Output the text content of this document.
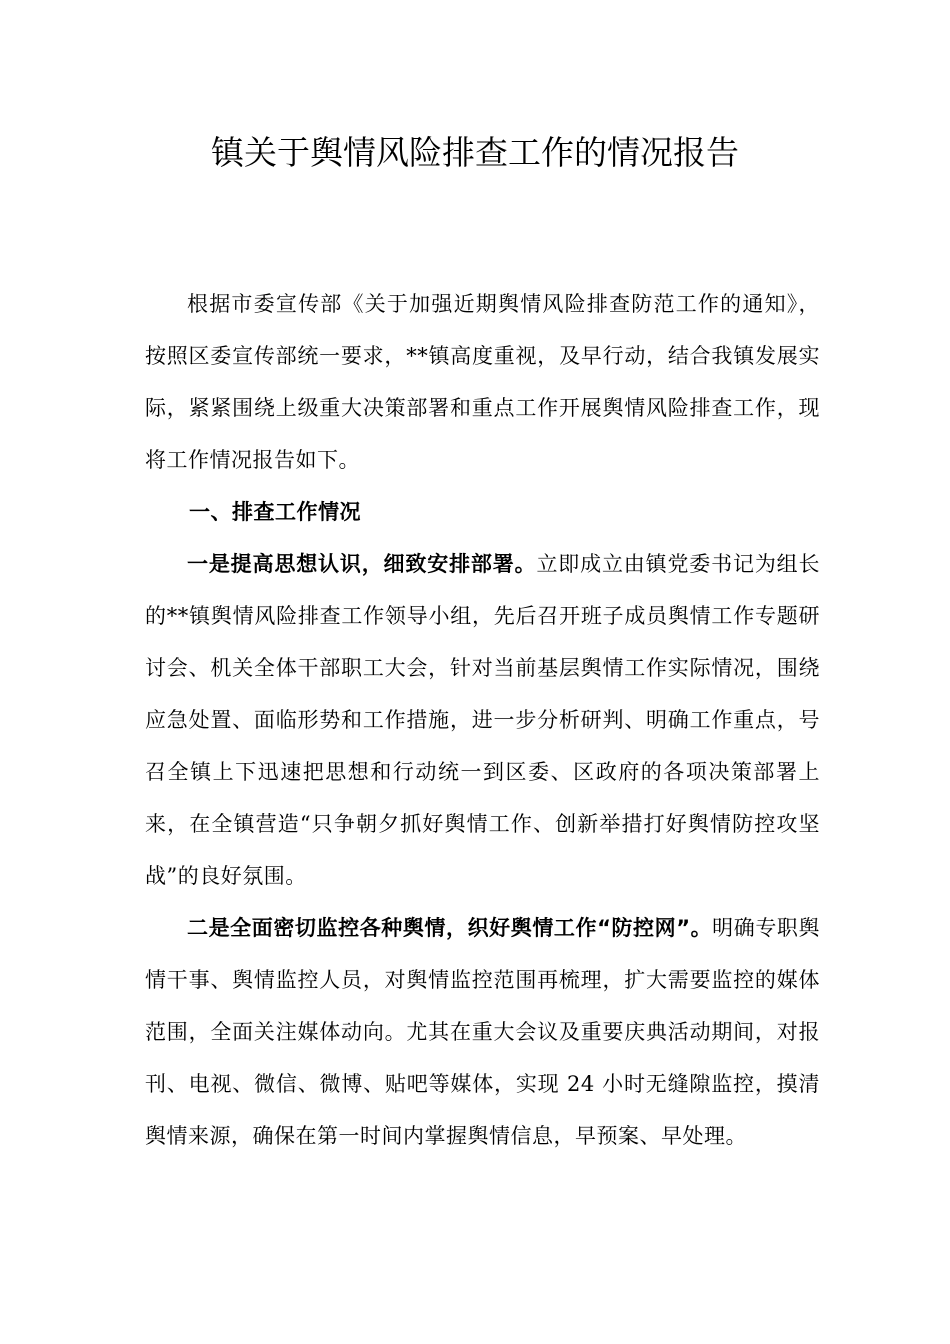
镇关于舆情风险排查工作的情况报告

根据市委宣传部《关于加强近期舆情风险排查防范工作的通知》，按照区委宣传部统一要求，**镇高度重视，及早行动，结合我镇发展实际，紧紧围绕上级重大决策部署和重点工作开展舆情风险排查工作，现将工作情况报告如下。

一、排查工作情况

一是提高思想认识，细致安排部署。立即成立由镇党委书记为组长的**镇舆情风险排查工作领导小组，先后召开班子成员舆情工作专题研讨会、机关全体干部职工大会，针对当前基层舆情工作实际情况，围绕应急处置、面临形势和工作措施，进一步分析研判、明确工作重点，号召全镇上下迅速把思想和行动统一到区委、区政府的各项决策部署上来，在全镇营造“只争朝夕抓好舆情工作、创新举措打好舆情防控攻坚战”的良好氛围。

二是全面密切监控各种舆情，织好舆情工作“防控网”。明确专职舆情干事、舆情监控人员，对舆情监控范围再梳理，扩大需要监控的媒体范围，全面关注媒体动向。尤其在重大会议及重要庆典活动期间，对报刊、电视、微信、微博、贴吧等媒体，实现 24 小时无缝隙监控，摸清舆情来源，确保在第一时间内掌握舆情信息，早预案、早处理。
